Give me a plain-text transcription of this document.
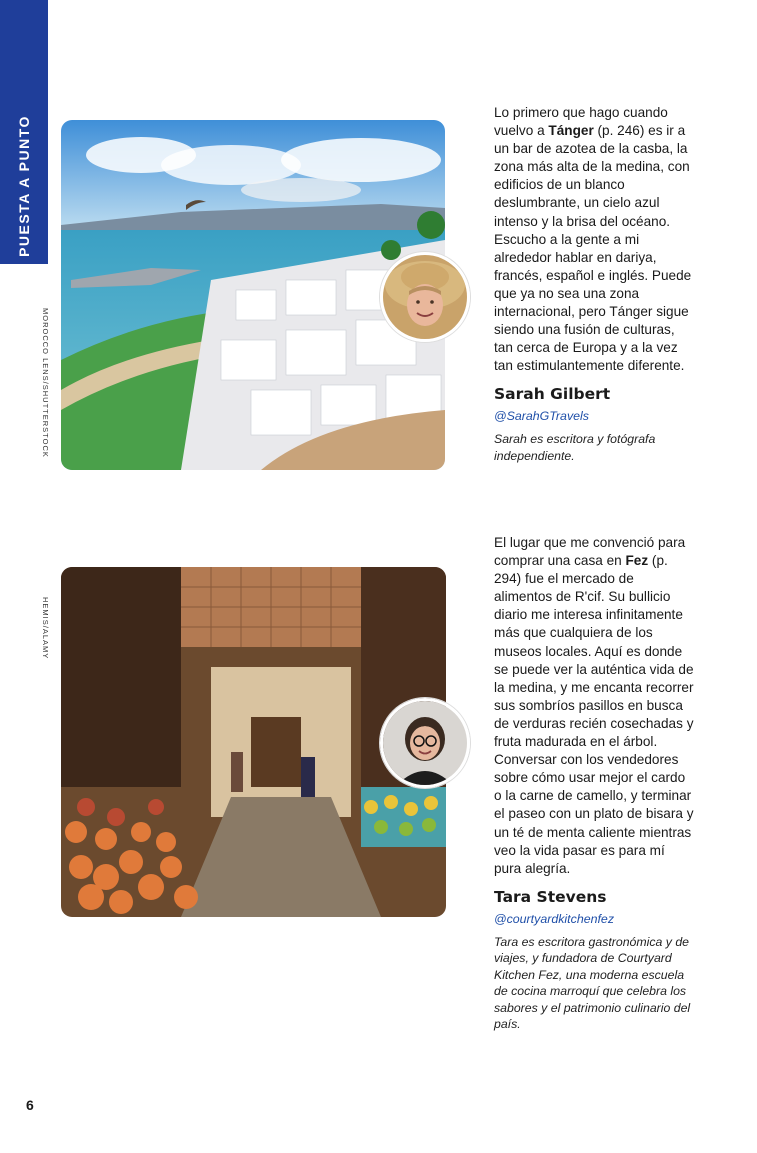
PUESTA A PUNTO
MOROCCO LENS/SHUTTERSTOCK
HEMIS/ALAMY

Lo primero que hago cuando vuelvo a Tánger (p. 246) es ir a un bar de azotea de la casba, la zona más alta de la medina, con edificios de un blanco deslumbrante, un cielo azul intenso y la brisa del océano. Escucho a la gente a mi alrededor hablar en dariya, francés, español e inglés. Puede que ya no sea una zona internacional, pero Tánger sigue siendo una fusión de culturas, tan cerca de Europa y a la vez tan estimulantemente diferente.

Sarah Gilbert
@SarahGTravels

Sarah es escritora y fotógrafa independiente.

El lugar que me convenció para comprar una casa en Fez (p. 294) fue el mercado de alimentos de R'cif. Su bullicio diario me interesa infinitamente más que cualquiera de los museos locales. Aquí es donde se puede ver la auténtica vida de la medina, y me encanta recorrer sus sombríos pasillos en busca de verduras recién cosechadas y fruta madurada en el árbol. Conversar con los vendedores sobre cómo usar mejor el cardo o la carne de camello, y terminar el paseo con un plato de bisara y un té de menta caliente mientras veo la vida pasar es para mí pura alegría.

Tara Stevens
@courtyardkitchenfez

Tara es escritora gastronómica y de viajes, y fundadora de Courtyard Kitchen Fez, una moderna escuela de cocina marroquí que celebra los sabores y el patrimonio culinario del país.

6
